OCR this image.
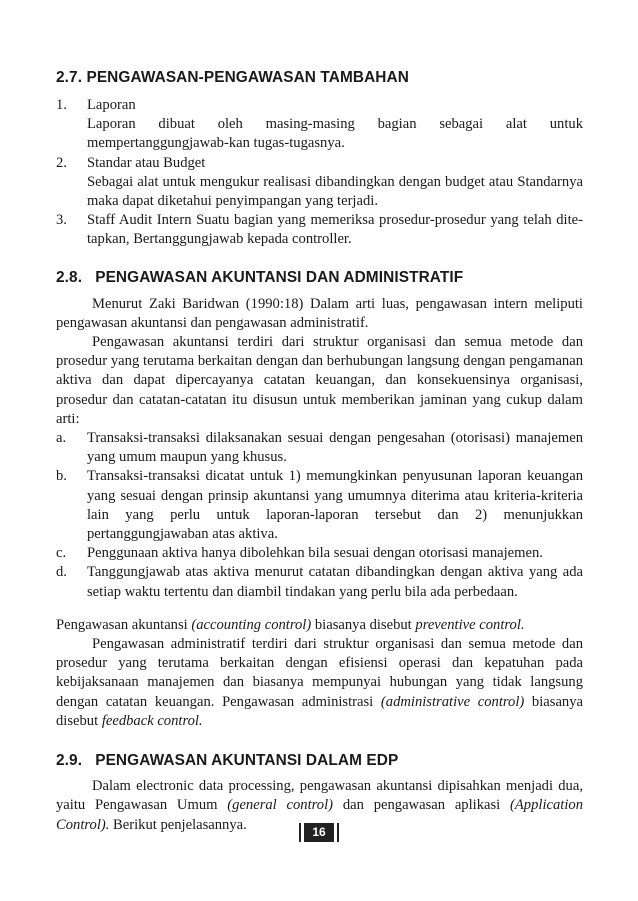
2.7. PENGAWASAN-PENGAWASAN TAMBAHAN
1.	Laporan
Laporan dibuat oleh masing-masing bagian sebagai alat untuk mempertanggungjawab-kan tugas-tugasnya.
2.	Standar atau Budget
Sebagai alat untuk mengukur realisasi dibandingkan dengan budget atau Standarnya maka dapat diketahui penyimpangan yang terjadi.
3.	Staff Audit Intern Suatu bagian yang memeriksa prosedur-prosedur yang telah dite-tapkan, Bertanggungjawab kepada controller.
2.8.   PENGAWASAN AKUNTANSI DAN ADMINISTRATIF

Menurut Zaki Baridwan (1990:18) Dalam arti luas, pengawasan intern meliputi pengawasan akuntansi dan pengawasan administratif.

Pengawasan akuntansi terdiri dari struktur organisasi dan semua metode dan prosedur yang terutama berkaitan dengan dan berhubungan langsung dengan pengamanan aktiva dan dapat dipercayanya catatan keuangan, dan konsekuensinya organisasi, prosedur dan catatan-catatan itu disusun untuk memberikan jaminan yang cukup dalam arti:

a.	Transaksi-transaksi dilaksanakan sesuai dengan pengesahan (otorisasi) manajemen yang umum maupun yang khusus.
b.	Transaksi-transaksi dicatat untuk 1) memungkinkan penyusunan laporan keuangan yang sesuai dengan prinsip akuntansi yang umumnya diterima atau kriteria-kriteria lain yang perlu untuk laporan-laporan tersebut dan 2) menunjukkan pertanggungjawaban atas aktiva.
c.	Penggunaan aktiva hanya dibolehkan bila sesuai dengan otorisasi manajemen.
d.	Tanggungjawab atas aktiva menurut catatan dibandingkan dengan aktiva yang ada setiap waktu tertentu dan diambil tindakan yang perlu bila ada perbedaan.

Pengawasan akuntansi (accounting control) biasanya disebut preventive control.

Pengawasan administratif terdiri dari struktur organisasi dan semua metode dan prosedur yang terutama berkaitan dengan efisiensi operasi dan kepatuhan pada kebijaksanaan manajemen dan biasanya mempunyai hubungan yang tidak langsung dengan catatan keuangan. Pengawasan administrasi (administrative control) biasanya disebut feedback control.

2.9.   PENGAWASAN AKUNTANSI DALAM EDP

Dalam electronic data processing, pengawasan akuntansi dipisahkan menjadi dua, yaitu Pengawasan Umum (general control) dan pengawasan aplikasi (Application Control). Berikut penjelasannya.	16
